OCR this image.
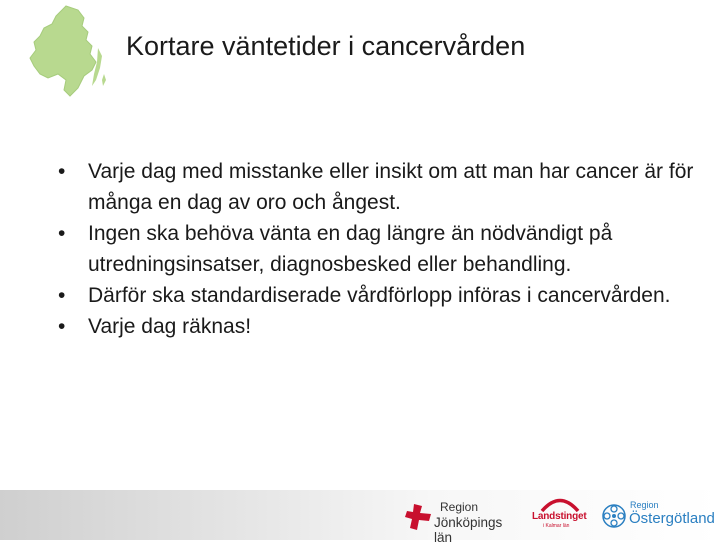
Kortare väntetider i cancervården
•	Varje dag med misstanke eller insikt om att man har cancer är för många en dag av oro och ångest.
•	Ingen ska behöva vänta en dag längre än nödvändigt på utredningsinsatser, diagnosbesked eller behandling.
•	Därför ska standardiserade vårdförlopp införas i cancervården.
•	Varje dag räknas!
Region
Jönköpings län
Landstinget
i Kalmar län
Region
Östergötland
